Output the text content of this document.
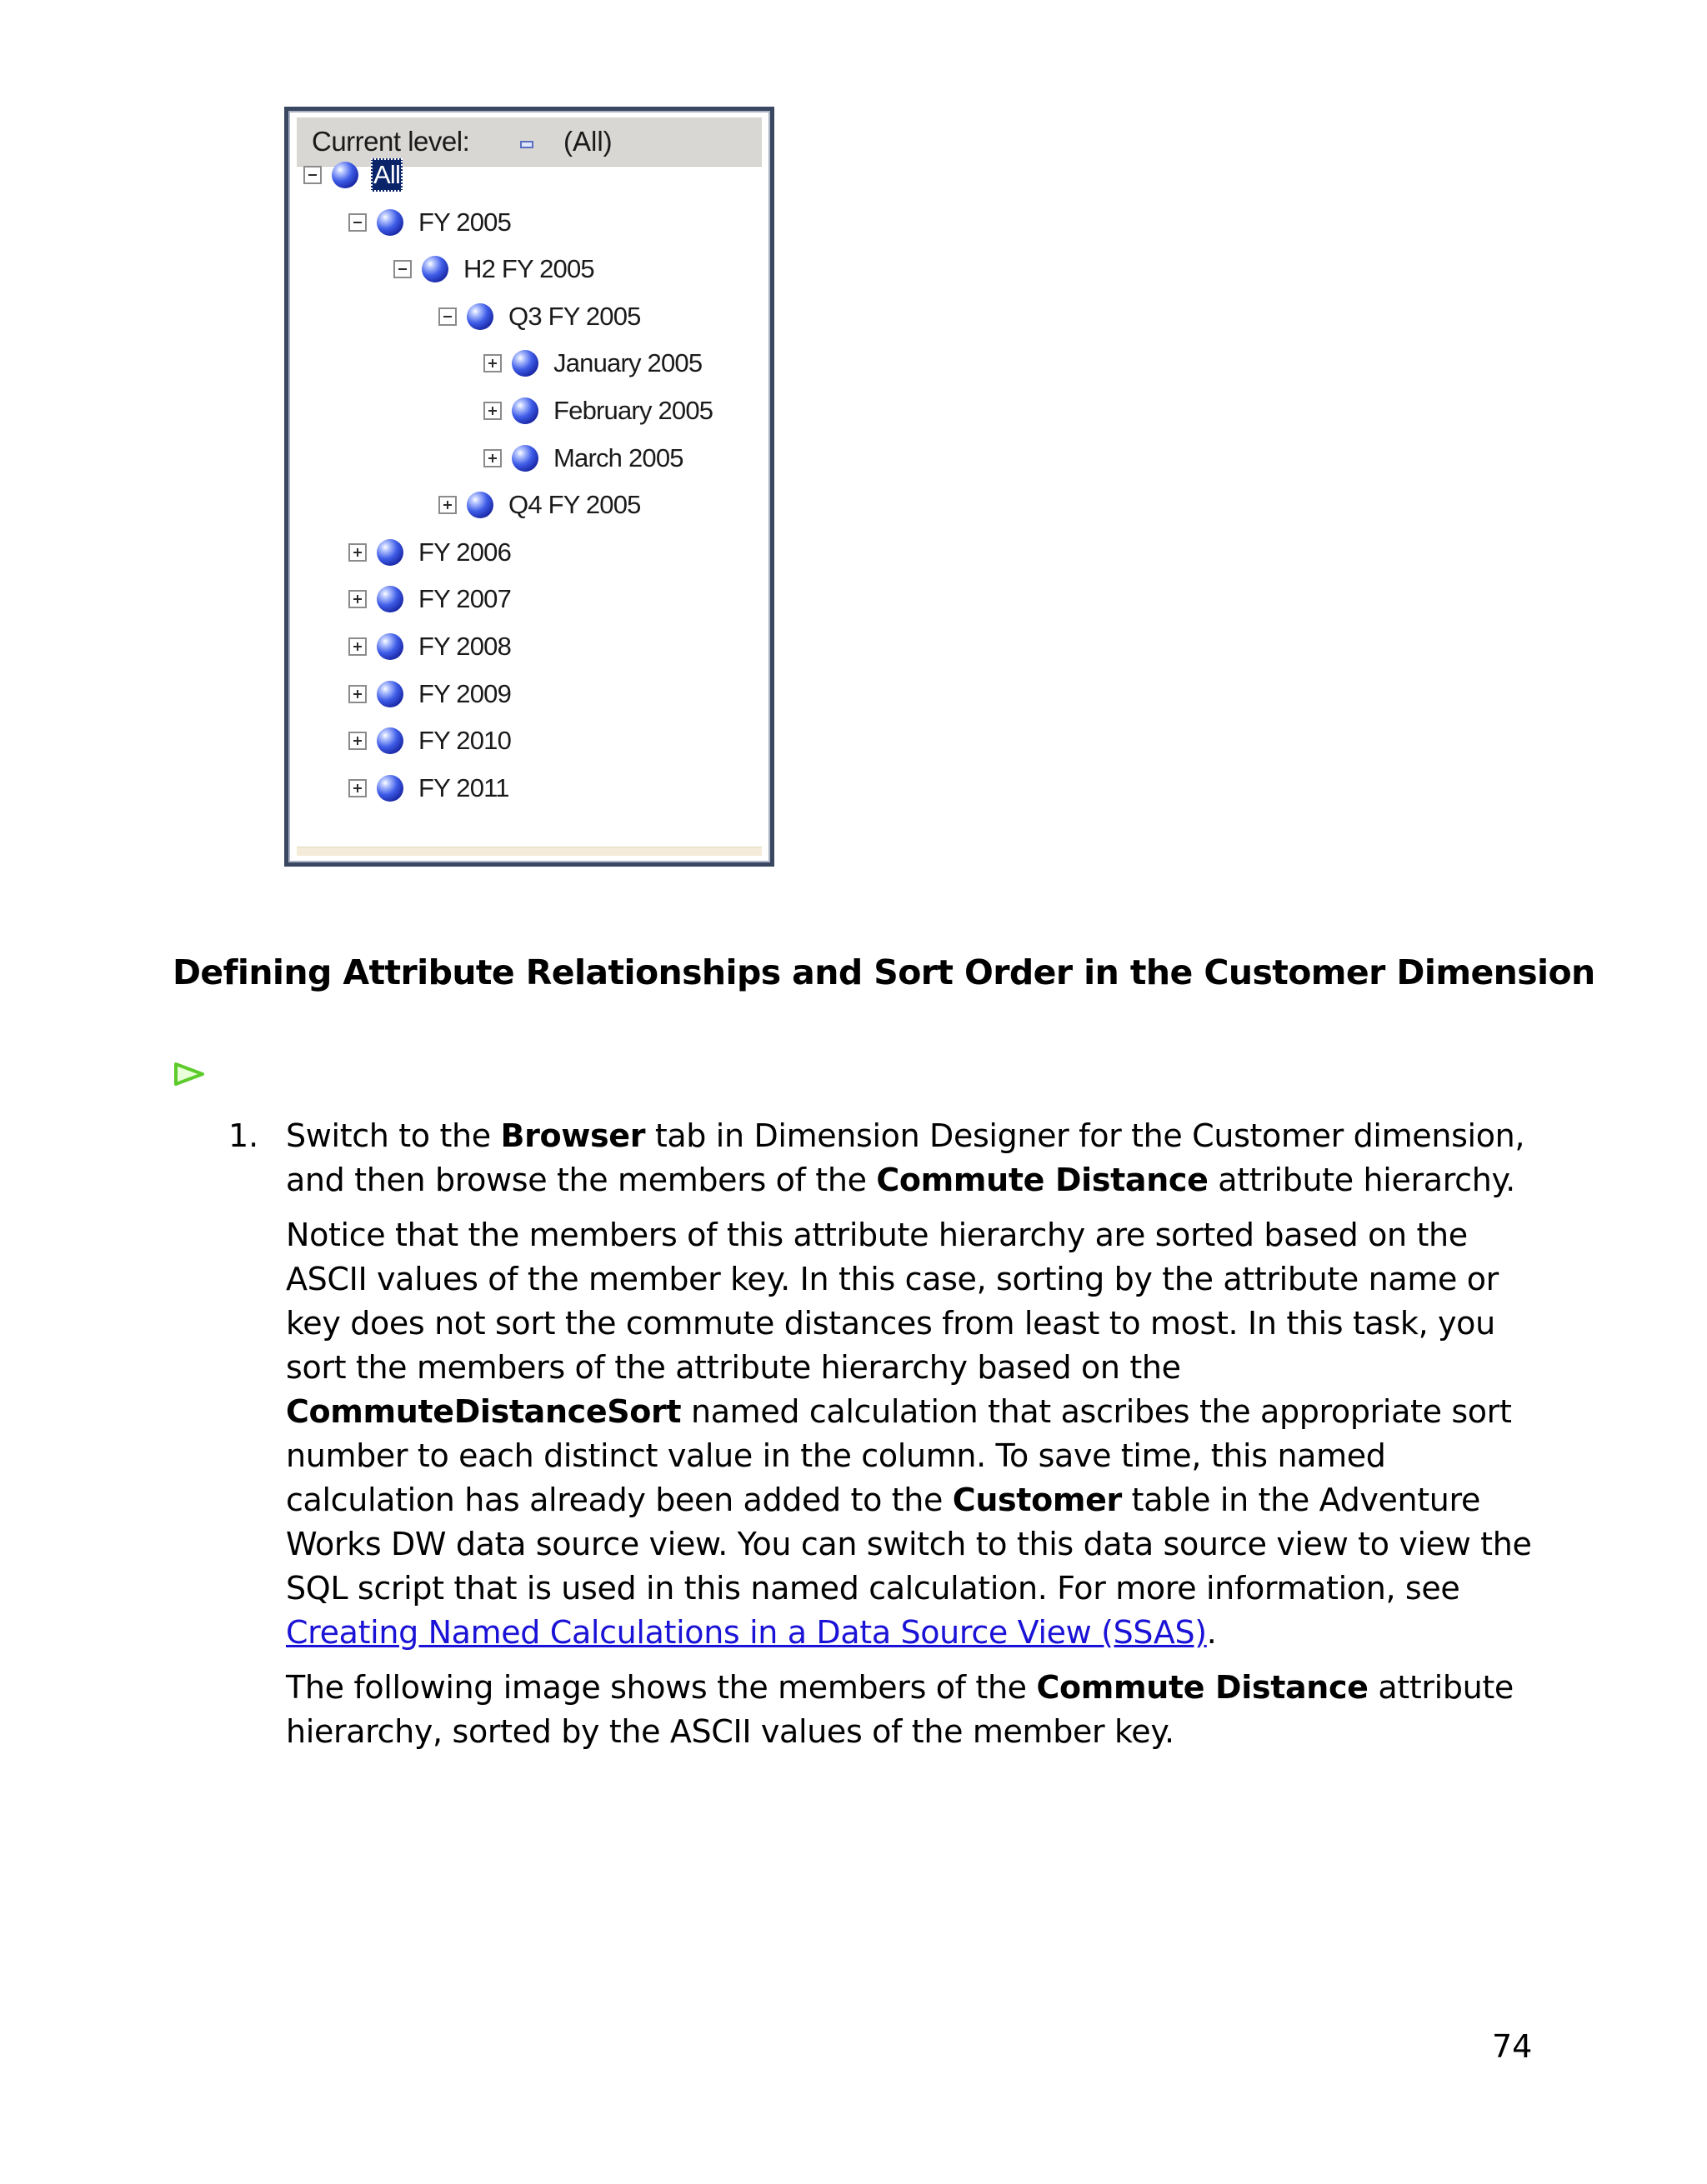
Current level:	(All)
All
FY 2005
H2 FY 2005
Q3 FY 2005
January 2005
February 2005
March 2005
Q4 FY 2005
FY 2006
FY 2007
FY 2008
FY 2009
FY 2010
FY 2011
Defining Attribute Relationships and Sort Order in the Customer Dimension
1. Switch to the Browser tab in Dimension Designer for the Customer dimension, and then browse the members of the Commute Distance attribute hierarchy.

Notice that the members of this attribute hierarchy are sorted based on the ASCII values of the member key. In this case, sorting by the attribute name or key does not sort the commute distances from least to most. In this task, you sort the members of the attribute hierarchy based on the CommuteDistanceSort named calculation that ascribes the appropriate sort number to each distinct value in the column. To save time, this named calculation has already been added to the Customer table in the Adventure Works DW data source view. You can switch to this data source view to view the SQL script that is used in this named calculation. For more information, see Creating Named Calculations in a Data Source View (SSAS).

The following image shows the members of the Commute Distance attribute hierarchy, sorted by the ASCII values of the member key.

74
